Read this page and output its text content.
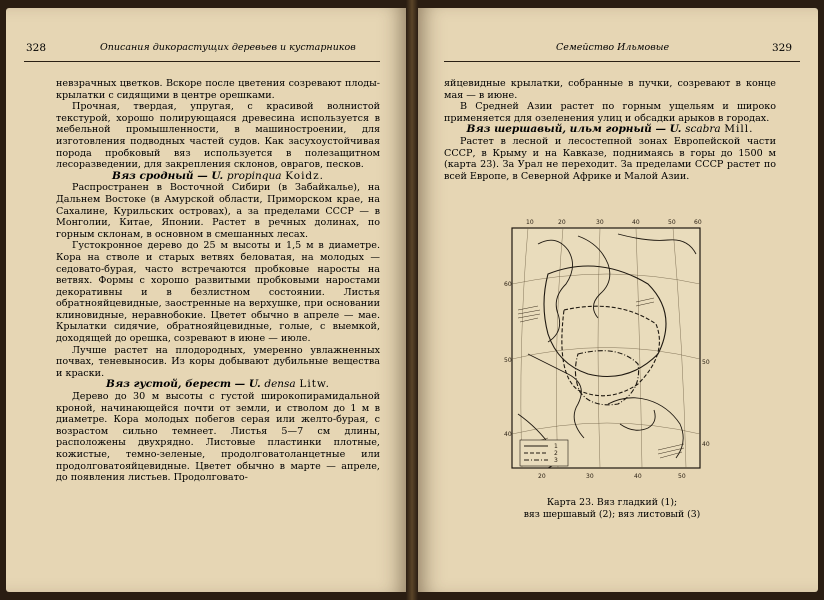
328	Описания дикорастущих деревьев и кустарников

невзрачных цветков. Вскоре после цветения созревают плоды-крылатки с сидящими в центре орешками.

Прочная, твердая, упругая, с красивой волнистой текстурой, хорошо полирующаяся древесина используется в мебельной промышленности, в машиностроении, для изготовления подводных частей судов. Как засухоустойчивая порода пробковый вяз используется в полезащитном лесоразведении, для закрепления склонов, оврагов, песков.

Вяз сродный — U. propinqua Koidz.

Распространен в Восточной Сибири (в Забайкалье), на Дальнем Востоке (в Амурской области, Приморском крае, на Сахалине, Курильских островах), а за пределами СССР — в Монголии, Китае, Японии. Растет в речных долинах, по горным склонам, в основном в смешанных лесах.

Густокронное дерево до 25 м высоты и 1,5 м в диаметре. Кора на стволе и старых ветвях беловатая, на молодых — седовато-бурая, часто встречаются пробковые наросты на ветвях. Формы с хорошо развитыми пробковыми наростами декоративны и в безлистном состоянии. Листья обратнояйцевидные, заостренные на верхушке, при основании клиновидные, неравнобокие. Цветет обычно в апреле — мае. Крылатки сидячие, обратнояйцевидные, голые, с выемкой, доходящей до орешка, созревают в июне — июле.

Лучше растет на плодородных, умеренно увлажненных почвах, теневыносив. Из коры добывают дубильные вещества и краски.

Вяз густой, берест — U. densa Litw.

Дерево до 30 м высоты с густой широкопирамидальной кроной, начинающейся почти от земли, и стволом до 1 м в диаметре. Кора молодых побегов серая или желто-бурая, с возрастом сильно темнеет. Листья 5—7 см длины, расположены двухрядно. Листовые пластинки плотные, кожистые, темно-зеленые, продолговатоланцетные или продолговатояйцевидные. Цветет обычно в марте — апреле, до появления листьев. Продолговато-

Семейство Ильмовые	329

яйцевидные крылатки, собранные в пучки, созревают в конце мая — в июне.

В Средней Азии растет по горным ущельям и широко применяется для озеленения улиц и обсадки арыков в городах.

Вяз шершавый, ильм горный — U. scabra Mill.

Растет в лесной и лесостепной зонах Европейской части СССР, в Крыму и на Кавказе, поднимаясь в горы до 1500 м (карта 23). За Урал не переходит. За пределами СССР растет по всей Европе, в Северной Африке и Малой Азии.

1
2
3
10	20	30	40	50	60
60
50
40
50
40
20	30	40	50
Карта 23. Вяз гладкий (1);
вяз шершавый (2); вяз листовый (3)
